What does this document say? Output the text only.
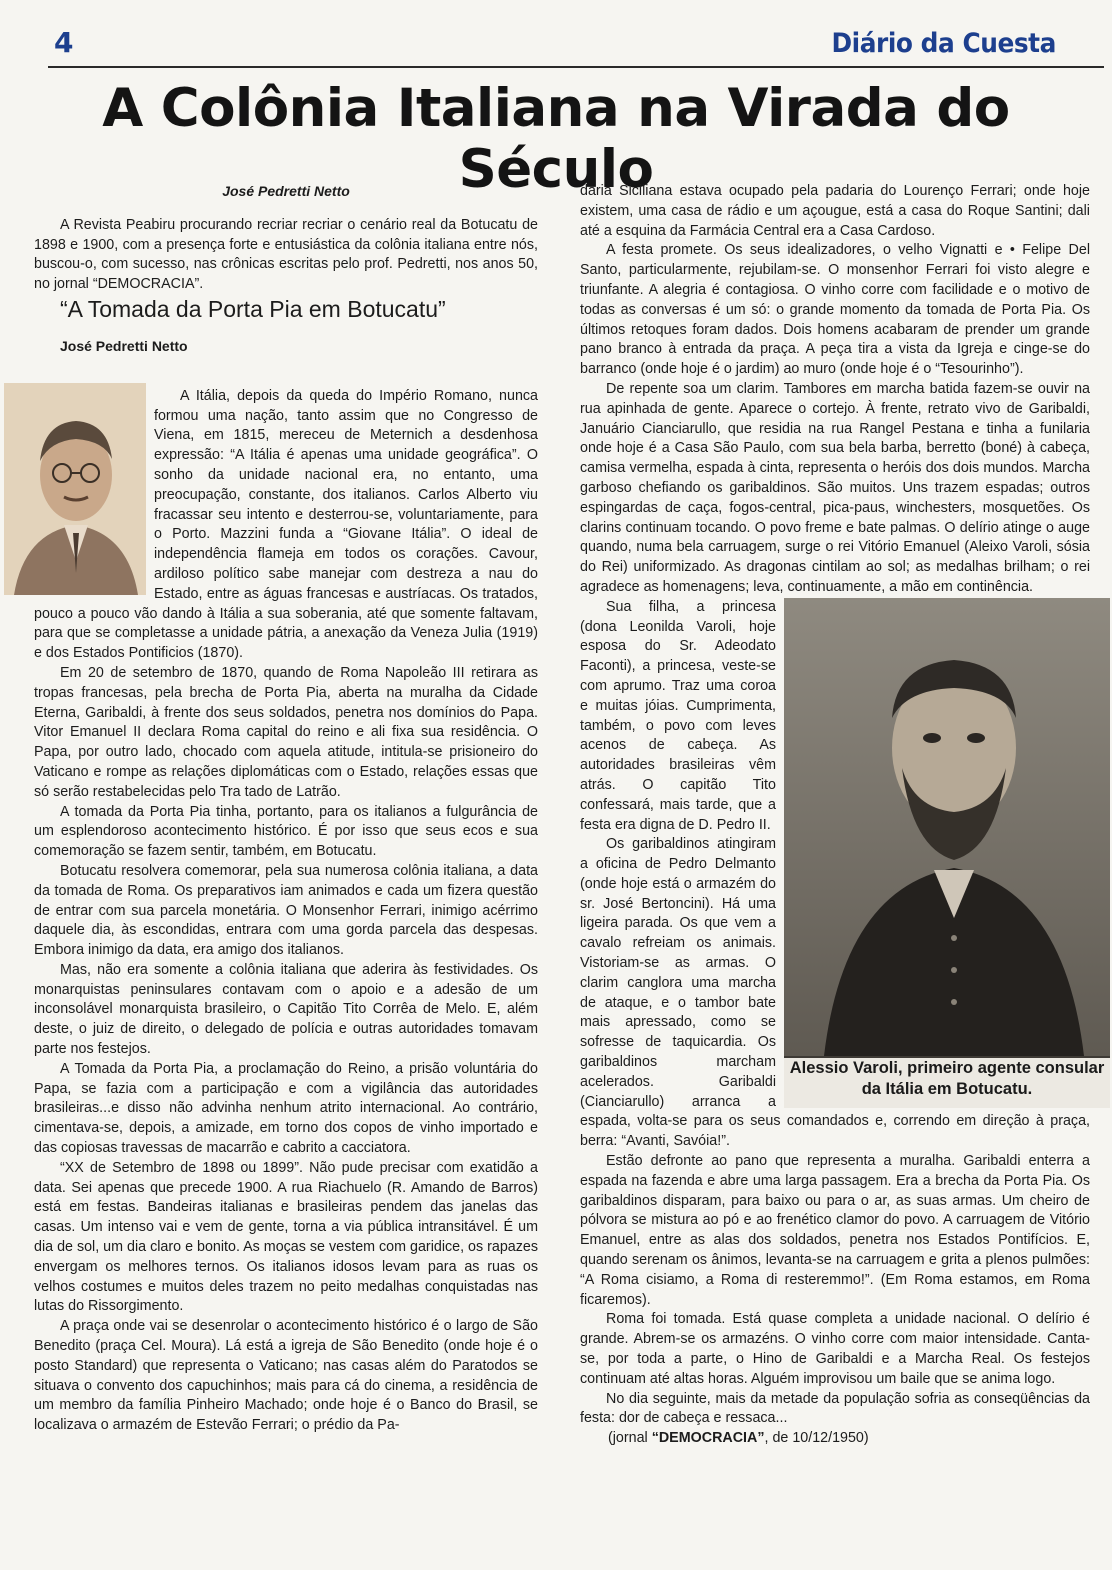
4	Diário da Cuesta
A Colônia Italiana na Virada do Século
José Pedretti Netto

A Revista Peabiru procurando recriar recriar o cenário real da Botucatu de 1898 e 1900, com a presença forte e entusiástica da colônia italiana entre nós, buscou-o, com sucesso, nas crônicas escritas pelo prof. Pedretti, nos anos 50, no jornal “DEMOCRACIA”.

“A Tomada da Porta Pia em Botucatu”
José Pedretti Netto

A Itália, depois da queda do Império Romano, nunca formou uma nação, tanto assim que no Congresso de Viena, em 1815, mereceu de Meternich a desdenhosa expressão: “A Itália é apenas uma unidade geográfica”. O sonho da unidade nacional era, no entanto, uma preocupação, constante, dos italianos. Carlos Alberto viu fracassar seu intento e desterrou-se, voluntariamente, para o Porto. Mazzini funda a “Giovane Itália”. O ideal de independência flameja em todos os corações. Cavour, ardiloso político sabe manejar com destreza a nau do Estado, entre as águas francesas e austríacas. Os tratados, pouco a pouco vão dando à Itália a sua soberania, até que somente faltavam, para que se completasse a unidade pátria, a anexação da Veneza Julia (1919) e dos Estados Pontificios (1870).

Em 20 de setembro de 1870, quando de Roma Napoleão III retirara as tropas francesas, pela brecha de Porta Pia, aberta na muralha da Cidade Eterna, Garibaldi, à frente dos seus soldados, penetra nos domínios do Papa. Vitor Emanuel II declara Roma capital do reino e ali fixa sua residência. O Papa, por outro lado, chocado com aquela atitude, intitula-se prisioneiro do Vaticano e rompe as relações diplomáticas com o Estado, relações essas que só serão restabelecidas pelo Tra tado de Latrão.

A tomada da Porta Pia tinha, portanto, para os italianos a fulgurância de um esplendoroso acontecimento histórico. É por isso que seus ecos e sua comemoração se fazem sentir, também, em Botucatu.

Botucatu resolvera comemorar, pela sua numerosa colônia italiana, a data da tomada de Roma. Os preparativos iam animados e cada um fizera questão de entrar com sua parcela monetária. O Monsenhor Ferrari, inimigo acérrimo daquele dia, às escondidas, entrara com uma gorda parcela das despesas. Embora inimigo da data, era amigo dos italianos.

Mas, não era somente a colônia italiana que aderira às festividades. Os monarquistas peninsulares contavam com o apoio e a adesão de um inconsolável monarquista brasileiro, o Capitão Tito Corrêa de Melo. E, além deste, o juiz de direito, o delegado de polícia e outras autoridades tomavam parte nos festejos.

A Tomada da Porta Pia, a proclamação do Reino, a prisão voluntária do Papa, se fazia com a participação e com a vigilância das autoridades brasileiras...e disso não advinha nenhum atrito internacional. Ao contrário, cimentava-se, depois, a amizade, em torno dos copos de vinho importado e das copiosas travessas de macarrão e cabrito a cacciatora.

“XX de Setembro de 1898 ou 1899”. Não pude precisar com exatidão a data. Sei apenas que precede 1900. A rua Riachuelo (R. Amando de Barros) está em festas. Bandeiras italianas e brasileiras pendem das janelas das casas. Um intenso vai e vem de gente, torna a via pública intransitável. É um dia de sol, um dia claro e bonito. As moças se vestem com garidice, os rapazes envergam os melhores ternos. Os italianos idosos levam para as ruas os velhos costumes e muitos deles trazem no peito medalhas conquistadas nas lutas do Rissorgimento.

A praça onde vai se desenrolar o acontecimento histórico é o largo de São Benedito (praça Cel. Moura). Lá está a igreja de São Benedito (onde hoje é o posto Standard) que representa o Vaticano; nas casas além do Paratodos se situava o convento dos capuchinhos; mais para cá do cinema, a residência de um membro da família Pinheiro Machado; onde hoje é o Banco do Brasil, se localizava o armazém de Estevão Ferrari; o prédio da Pa-

daria Siciliana estava ocupado pela padaria do Lourenço Ferrari; onde hoje existem, uma casa de rádio e um açougue, está a casa do Roque Santini; dali até a esquina da Farmácia Central era a Casa Cardoso.

A festa promete. Os seus idealizadores, o velho Vignatti e • Felipe Del Santo, particularmente, rejubilam-se. O monsenhor Ferrari foi visto alegre e triunfante. A alegria é contagiosa. O vinho corre com facilidade e o motivo de todas as conversas é um só: o grande momento da tomada de Porta Pia. Os últimos retoques foram dados. Dois homens acabaram de prender um grande pano branco à entrada da praça. A peça tira a vista da Igreja e cinge-se do barranco (onde hoje é o jardim) ao muro (onde hoje é o “Tesourinho”).

De repente soa um clarim. Tambores em marcha batida fazem-se ouvir na rua apinhada de gente. Aparece o cortejo. À frente, retrato vivo de Garibaldi, Januário Cianciarullo, que residia na rua Rangel Pestana e tinha a funilaria onde hoje é a Casa São Paulo, com sua bela barba, berretto (boné) à cabeça, camisa vermelha, espada à cinta, representa o heróis dos dois mundos. Marcha garboso chefiando os garibaldinos. São muitos. Uns trazem espadas; outros espingardas de caça, fogos-central, pica-paus, winchesters, mosquetões. Os clarins continuam tocando. O povo freme e bate palmas. O delírio atinge o auge quando, numa bela carruagem, surge o rei Vitório Emanuel (Aleixo Varoli, sósia do Rei) uniformizado. As dragonas cintilam ao sol; as medalhas brilham; o rei agradece as homenagens; leva, continuamente, a mão em continência.

Alessio Varoli, primeiro agente consular da Itália em Botucatu.

Sua filha, a princesa (dona Leonilda Varoli, hoje esposa do Sr. Adeodato Faconti), a princesa, veste-se com aprumo. Traz uma coroa e muitas jóias. Cumprimenta, também, o povo com leves acenos de cabeça. As autoridades brasileiras vêm atrás. O capitão Tito confessará, mais tarde, que a festa era digna de D. Pedro II.

Os garibaldinos atingiram a oficina de Pedro Delmanto (onde hoje está o armazém do sr. José Bertoncini). Há uma ligeira parada. Os que vem a cavalo refreiam os animais. Vistoriam-se as armas. O clarim canglora uma marcha de ataque, e o tambor bate mais apressado, como se sofresse de taquicardia. Os garibaldinos marcham acelerados. Garibaldi (Cianciarullo) arranca a espada, volta-se para os seus comandados e, correndo em direção à praça, berra: “Avanti, Savóia!”.

Estão defronte ao pano que representa a muralha. Garibaldi enterra a espada na fazenda e abre uma larga passagem. Era a brecha da Porta Pia. Os garibaldinos disparam, para baixo ou para o ar, as suas armas. Um cheiro de pólvora se mistura ao pó e ao frenético clamor do povo. A carruagem de Vitório Emanuel, entre as alas dos soldados, penetra nos Estados Pontifícios. E, quando serenam os ânimos, levanta-se na carruagem e grita a plenos pulmões: “A Roma cisiamo, a Roma di resteremmo!”. (Em Roma estamos, em Roma ficaremos).

Roma foi tomada. Está quase completa a unidade nacional. O delírio é grande. Abrem-se os armazéns. O vinho corre com maior intensidade. Canta-se, por toda a parte, o Hino de Garibaldi e a Marcha Real. Os festejos continuam até altas horas. Alguém improvisou um baile que se anima logo.

No dia seguinte, mais da metade da população sofria as conseqüências da festa: dor de cabeça e ressaca...

(jornal “DEMOCRACIA”, de 10/12/1950)
